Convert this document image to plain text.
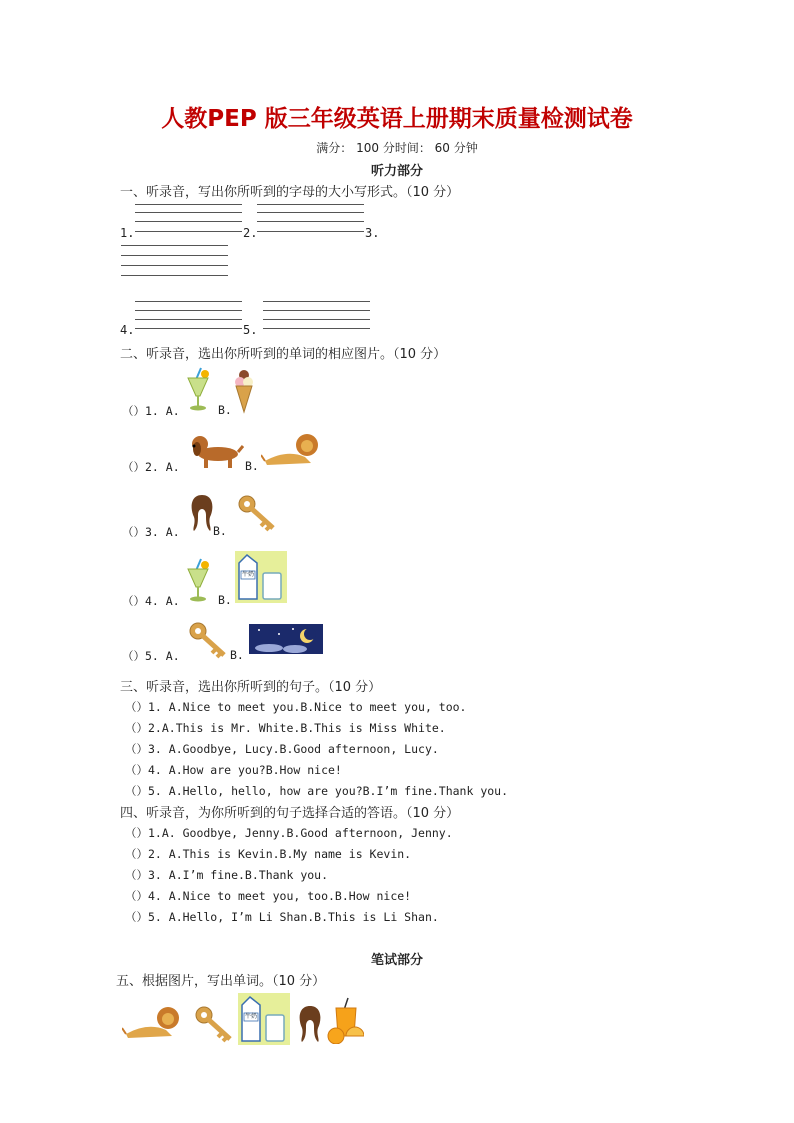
人教PEP 版三年级英语上册期末质量检测试卷
满分： 100 分时间： 60 分钟
听力部分
一、听录音，写出你所听到的字母的大小写形式。（10 分）
1.	2.	3.
4.	5.
二、听录音，选出你所听到的单词的相应图片。（10 分）
（）1. A.	B.
（）2. A.	B.
（）3. A.	B.
（）4. A.	B.
牛奶
（）5. A.	B.
三、听录音，选出你所听到的句子。（10 分）
（）1. A.Nice to meet you.B.Nice to meet you, too.
（）2.A.This is Mr. White.B.This is Miss White.
（）3. A.Goodbye, Lucy.B.Good afternoon, Lucy.
（）4. A.How are you?B.How nice!
（）5. A.Hello, hello, how are you?B.I’m fine.Thank you.
四、听录音，为你所听到的句子选择合适的答语。（10 分）
（）1.A. Goodbye, Jenny.B.Good afternoon, Jenny.
（）2. A.This is Kevin.B.My name is Kevin.
（）3. A.I’m fine.B.Thank you.
（）4. A.Nice to meet you, too.B.How nice!
（）5. A.Hello, I’m Li Shan.B.This is Li Shan.
笔试部分
五、根据图片，写出单词。（10 分）
牛奶
